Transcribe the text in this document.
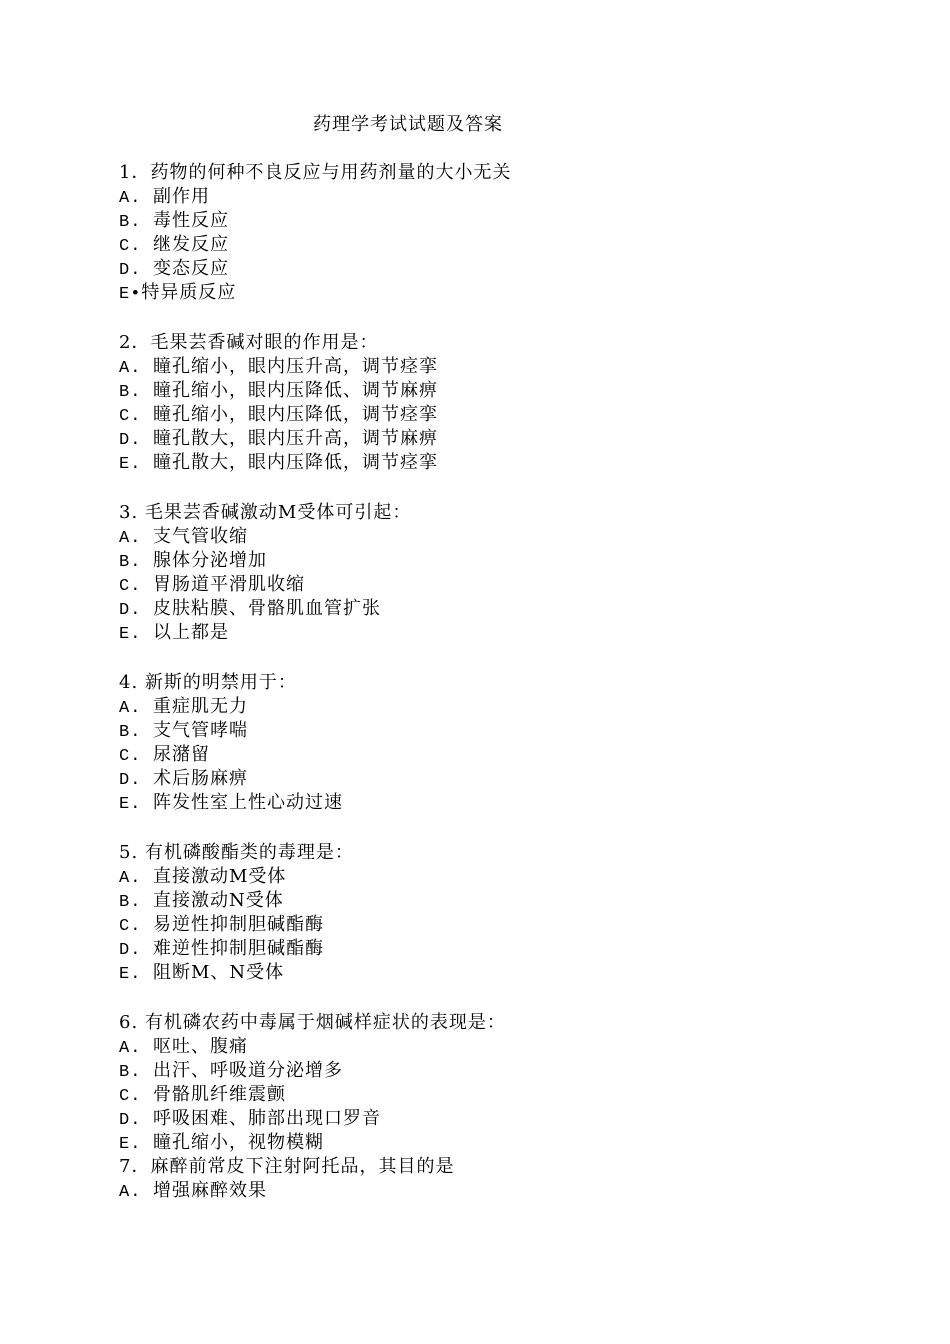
药理学考试试题及答案
1．药物的何种不良反应与用药剂量的大小无关
A. 副作用
B. 毒性反应
C. 继发反应
D. 变态反应
E•特异质反应
2．毛果芸香碱对眼的作用是：
A. 瞳孔缩小，眼内压升高，调节痉挛
B. 瞳孔缩小，眼内压降低、调节麻痹
C. 瞳孔缩小，眼内压降低，调节痉挛
D. 瞳孔散大，眼内压升高，调节麻痹
E. 瞳孔散大，眼内压降低，调节痉挛
3. 毛果芸香碱激动M受体可引起：
A. 支气管收缩
B. 腺体分泌增加
C. 胃肠道平滑肌收缩
D. 皮肤粘膜、骨骼肌血管扩张
E. 以上都是
4. 新斯的明禁用于：
A. 重症肌无力
B. 支气管哮喘
C. 尿潴留
D. 术后肠麻痹
E. 阵发性室上性心动过速
5. 有机磷酸酯类的毒理是：
A. 直接激动M受体
B. 直接激动N受体
C. 易逆性抑制胆碱酯酶
D. 难逆性抑制胆碱酯酶
E. 阻断M、N受体
6. 有机磷农药中毒属于烟碱样症状的表现是：
A. 呕吐、腹痛
B. 出汗、呼吸道分泌增多
C. 骨骼肌纤维震颤
D. 呼吸困难、肺部出现口罗音
E. 瞳孔缩小，视物模糊
7．麻醉前常皮下注射阿托品，其目的是
A. 增强麻醉效果
